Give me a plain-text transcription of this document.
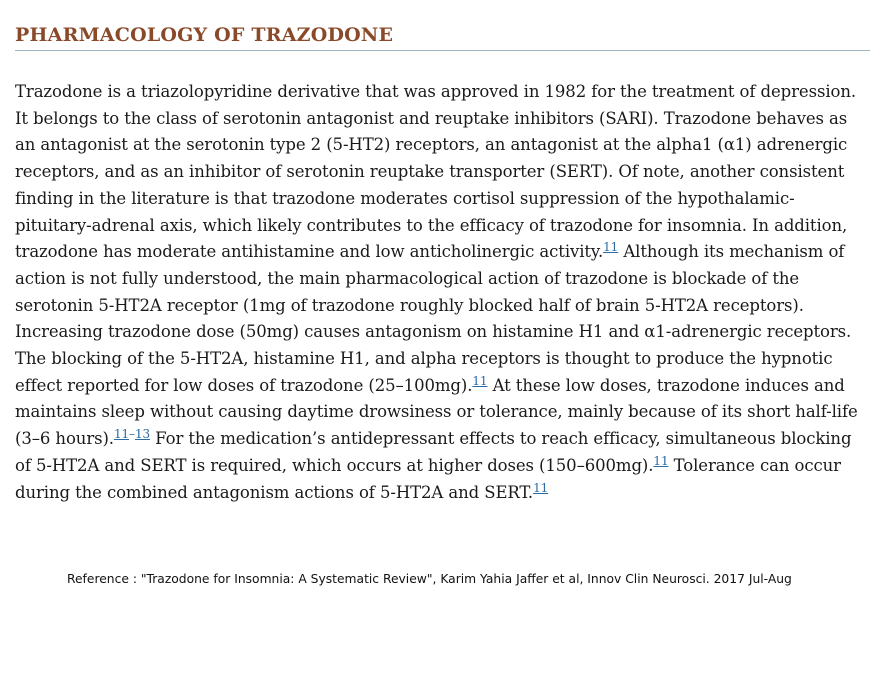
PHARMACOLOGY OF TRAZODONE

Trazodone is a triazolopyridine derivative that was approved in 1982 for the treatment of depression. It belongs to the class of serotonin antagonist and reuptake inhibitors (SARI). Trazodone behaves as an antagonist at the serotonin type 2 (5-HT2) receptors, an antagonist at the alpha1 (α1) adrenergic receptors, and as an inhibitor of serotonin reuptake transporter (SERT). Of note, another consistent finding in the literature is that trazodone moderates cortisol suppression of the hypothalamic-pituitary-adrenal axis, which likely contributes to the efficacy of trazodone for insomnia. In addition, trazodone has moderate antihistamine and low anticholinergic activity.$^{11}$ Although its mechanism of action is not fully understood, the main pharmacological action of trazodone is blockade of the serotonin 5-HT2A receptor (1mg of trazodone roughly blocked half of brain 5-HT2A receptors). Increasing trazodone dose (50mg) causes antagonism on histamine H1 and α1-adrenergic receptors. The blocking of the 5-HT2A, histamine H1, and alpha receptors is thought to produce the hypnotic effect reported for low doses of trazodone (25–100mg).$^{11}$ At these low doses, trazodone induces and maintains sleep without causing daytime drowsiness or tolerance, mainly because of its short half-life (3–6 hours).$^{11-13}$ For the medication’s antidepressant effects to reach efficacy, simultaneous blocking of 5-HT2A and SERT is required, which occurs at higher doses (150–600mg).$^{11}$ Tolerance can occur during the combined antagonism actions of 5-HT2A and SERT.$^{11}$

Reference : "Trazodone for Insomnia: A Systematic Review", Karim Yahia Jaffer et al, Innov Clin Neurosci. 2017 Jul-Aug
